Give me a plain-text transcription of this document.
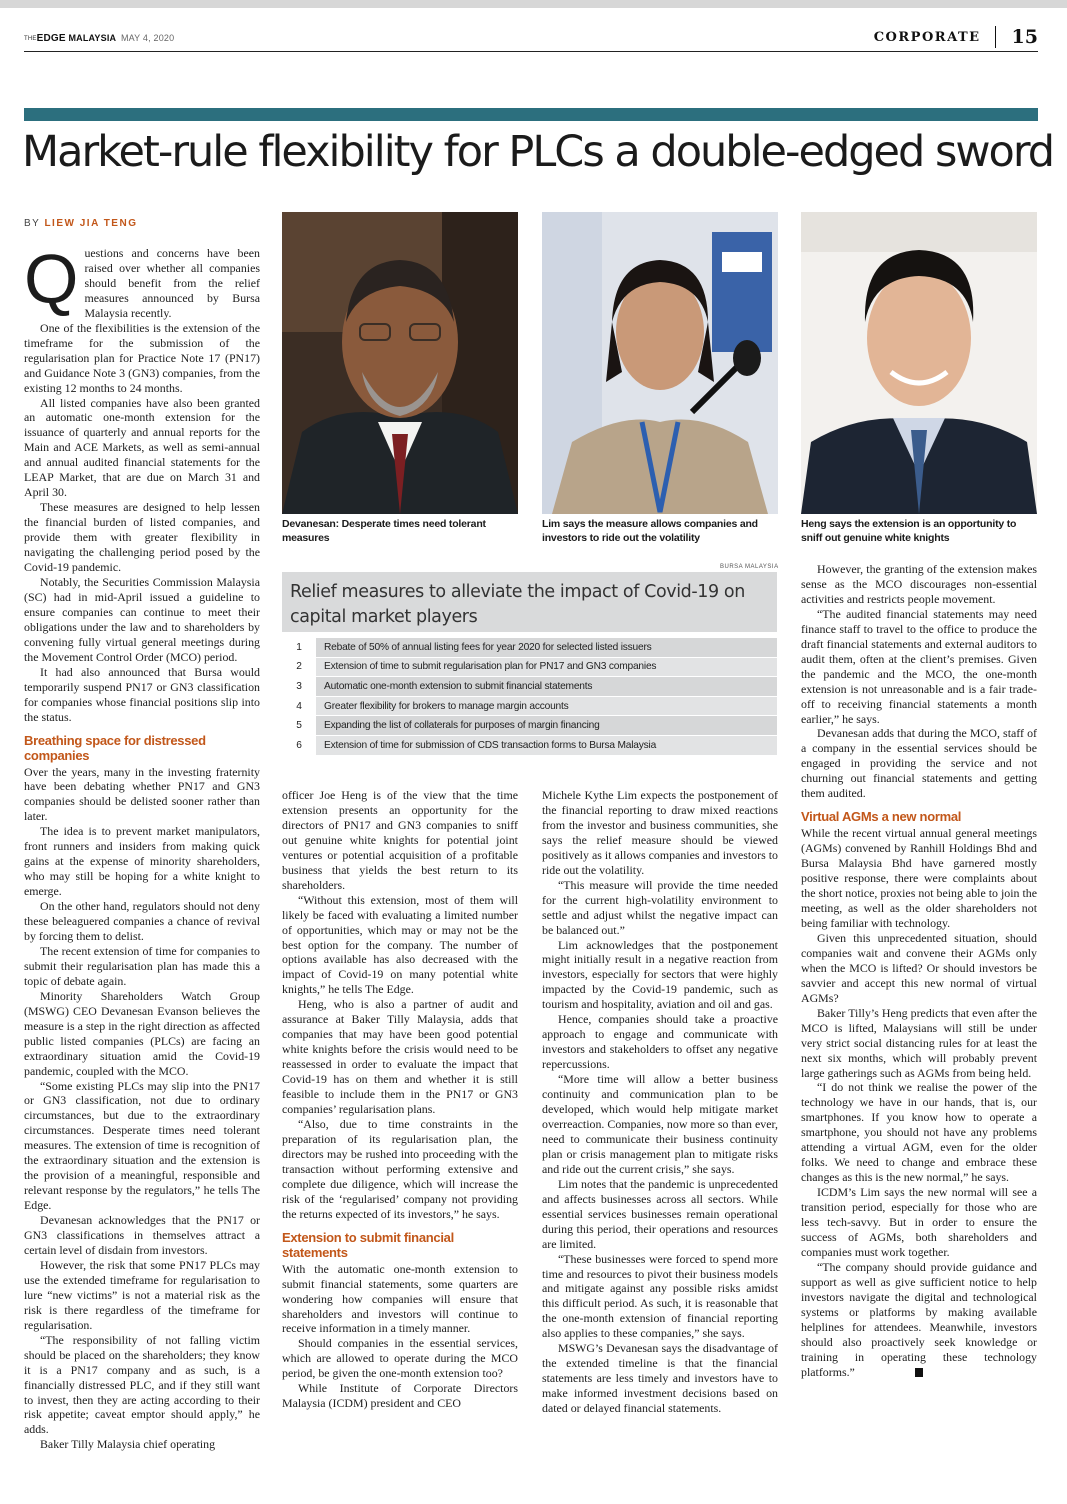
THEEDGE MALAYSIA MAY 4, 2020	CORPORATE 15
Market-rule flexibility for PLCs a double-edged sword
BY LIEW JIA TENG
Devanesan: Desperate times need tolerant measures
Lim says the measure allows companies and investors to ride out the volatility
Heng says the extension is an opportunity to sniff out genuine white knights
BURSA MALAYSIA
Relief measures to alleviate the impact of Covid-19 on capital market players
1	Rebate of 50% of annual listing fees for year 2020 for selected listed issuers
2	Extension of time to submit regularisation plan for PN17 and GN3 companies
3	Automatic one-month extension to submit financial statements
4	Greater flexibility for brokers to manage margin accounts
5	Expanding the list of collaterals for purposes of margin financing
6	Extension of time for submission of CDS transaction forms to Bursa Malaysia

Questions and concerns have been raised over whether all companies should benefit from the relief measures announced by Bursa Malaysia recently.

One of the flexibilities is the extension of the timeframe for the submission of the regularisation plan for Practice Note 17 (PN17) and Guidance Note 3 (GN3) companies, from the existing 12 months to 24 months.

All listed companies have also been granted an automatic one-month extension for the issuance of quarterly and annual reports for the Main and ACE Markets, as well as semi-annual and annual audited financial statements for the LEAP Market, that are due on March 31 and April 30.

These measures are designed to help lessen the financial burden of listed companies, and provide them with greater flexibility in navigating the challenging period posed by the Covid-19 pandemic.

Notably, the Securities Commission Malaysia (SC) had in mid-April issued a guideline to ensure companies can continue to meet their obligations under the law and to shareholders by convening fully virtual general meetings during the Movement Control Order (MCO) period.

It had also announced that Bursa would temporarily suspend PN17 or GN3 classification for companies whose financial positions slip into the status.

Breathing space for distressed companies

Over the years, many in the investing fraternity have been debating whether PN17 and GN3 companies should be delisted sooner rather than later.

The idea is to prevent market manipulators, front runners and insiders from making quick gains at the expense of minority shareholders, who may still be hoping for a white knight to emerge.

On the other hand, regulators should not deny these beleaguered companies a chance of revival by forcing them to delist.

The recent extension of time for companies to submit their regularisation plan has made this a topic of debate again.

Minority Shareholders Watch Group (MSWG) CEO Devanesan Evanson believes the measure is a step in the right direction as affected public listed companies (PLCs) are facing an extraordinary situation amid the Covid-19 pandemic, coupled with the MCO.

“Some existing PLCs may slip into the PN17 or GN3 classification, not due to ordinary circumstances, but due to the extraordinary circumstances. Desperate times need tolerant measures. The extension of time is recognition of the extraordinary situation and the extension is the provision of a meaningful, responsible and relevant response by the regulators,” he tells The Edge.

Devanesan acknowledges that the PN17 or GN3 classifications in themselves attract a certain level of disdain from investors.

However, the risk that some PN17 PLCs may use the extended timeframe for regularisation to lure “new victims” is not a material risk as the risk is there regardless of the timeframe for regularisation.

“The responsibility of not falling victim should be placed on the shareholders; they know it is a PN17 company and as such, is a financially distressed PLC, and if they still want to invest, then they are acting according to their risk appetite; caveat emptor should apply,” he adds.

Baker Tilly Malaysia chief operating

officer Joe Heng is of the view that the time extension presents an opportunity for the directors of PN17 and GN3 companies to sniff out genuine white knights for potential joint ventures or potential acquisition of a profitable business that yields the best return to its shareholders.

“Without this extension, most of them will likely be faced with evaluating a limited number of opportunities, which may or may not be the best option for the company. The number of options available has also decreased with the impact of Covid-19 on many potential white knights,” he tells The Edge.

Heng, who is also a partner of audit and assurance at Baker Tilly Malaysia, adds that companies that may have been good potential white knights before the crisis would need to be reassessed in order to evaluate the impact that Covid-19 has on them and whether it is still feasible to include them in the PN17 or GN3 companies’ regularisation plans.

“Also, due to time constraints in the preparation of its regularisation plan, the directors may be rushed into proceeding with the transaction without performing extensive and complete due diligence, which will increase the risk of the ‘regularised’ company not providing the returns expected of its investors,” he says.

Extension to submit financial statements

With the automatic one-month extension to submit financial statements, some quarters are wondering how companies will ensure that shareholders and investors will continue to receive information in a timely manner.

Should companies in the essential services, which are allowed to operate during the MCO period, be given the one-month extension too?

While Institute of Corporate Directors Malaysia (ICDM) president and CEO

Michele Kythe Lim expects the postponement of the financial reporting to draw mixed reactions from the investor and business communities, she says the relief measure should be viewed positively as it allows companies and investors to ride out the volatility.

“This measure will provide the time needed for the current high-volatility environment to settle and adjust whilst the negative impact can be balanced out.”

Lim acknowledges that the postponement might initially result in a negative reaction from investors, especially for sectors that were highly impacted by the Covid-19 pandemic, such as tourism and hospitality, aviation and oil and gas.

Hence, companies should take a proactive approach to engage and communicate with investors and stakeholders to offset any negative repercussions.

“More time will allow a better business continuity and communication plan to be developed, which would help mitigate market overreaction. Companies, now more so than ever, need to communicate their business continuity plan or crisis management plan to mitigate risks and ride out the current crisis,” she says.

Lim notes that the pandemic is unprecedented and affects businesses across all sectors. While essential services businesses remain operational during this period, their operations and resources are limited.

“These businesses were forced to spend more time and resources to pivot their business models and mitigate against any possible risks amidst this difficult period. As such, it is reasonable that the one-month extension of financial reporting also applies to these companies,” she says.

MSWG’s Devanesan says the disadvantage of the extended timeline is that the financial statements are less timely and investors have to make informed investment decisions based on dated or delayed financial statements.

However, the granting of the extension makes sense as the MCO discourages non-essential activities and restricts people movement.

“The audited financial statements may need finance staff to travel to the office to produce the draft financial statements and external auditors to audit them, often at the client’s premises. Given the pandemic and the MCO, the one-month extension is not unreasonable and is a fair trade-off to receiving financial statements a month earlier,” he says.

Devanesan adds that during the MCO, staff of a company in the essential services should be engaged in providing the service and not churning out financial statements and getting them audited.

Virtual AGMs a new normal

While the recent virtual annual general meetings (AGMs) convened by Ranhill Holdings Bhd and Bursa Malaysia Bhd have garnered mostly positive response, there were complaints about the short notice, proxies not being able to join the meeting, as well as the older shareholders not being familiar with technology.

Given this unprecedented situation, should companies wait and convene their AGMs only when the MCO is lifted? Or should investors be savvier and accept this new normal of virtual AGMs?

Baker Tilly’s Heng predicts that even after the MCO is lifted, Malaysians will still be under very strict social distancing rules for at least the next six months, which will probably prevent large gatherings such as AGMs from being held.

“I do not think we realise the power of the technology we have in our hands, that is, our smartphones. If you know how to operate a smartphone, you should not have any problems attending a virtual AGM, even for the older folks. We need to change and embrace these changes as this is the new normal,” he says.

ICDM’s Lim says the new normal will see a transition period, especially for those who are less tech-savvy. But in order to ensure the success of AGMs, both shareholders and companies must work together.

“The company should provide guidance and support as well as give sufficient notice to help investors navigate the digital and technological systems or platforms by making available helplines for attendees. Meanwhile, investors should also proactively seek knowledge or training in operating these technology platforms.”
